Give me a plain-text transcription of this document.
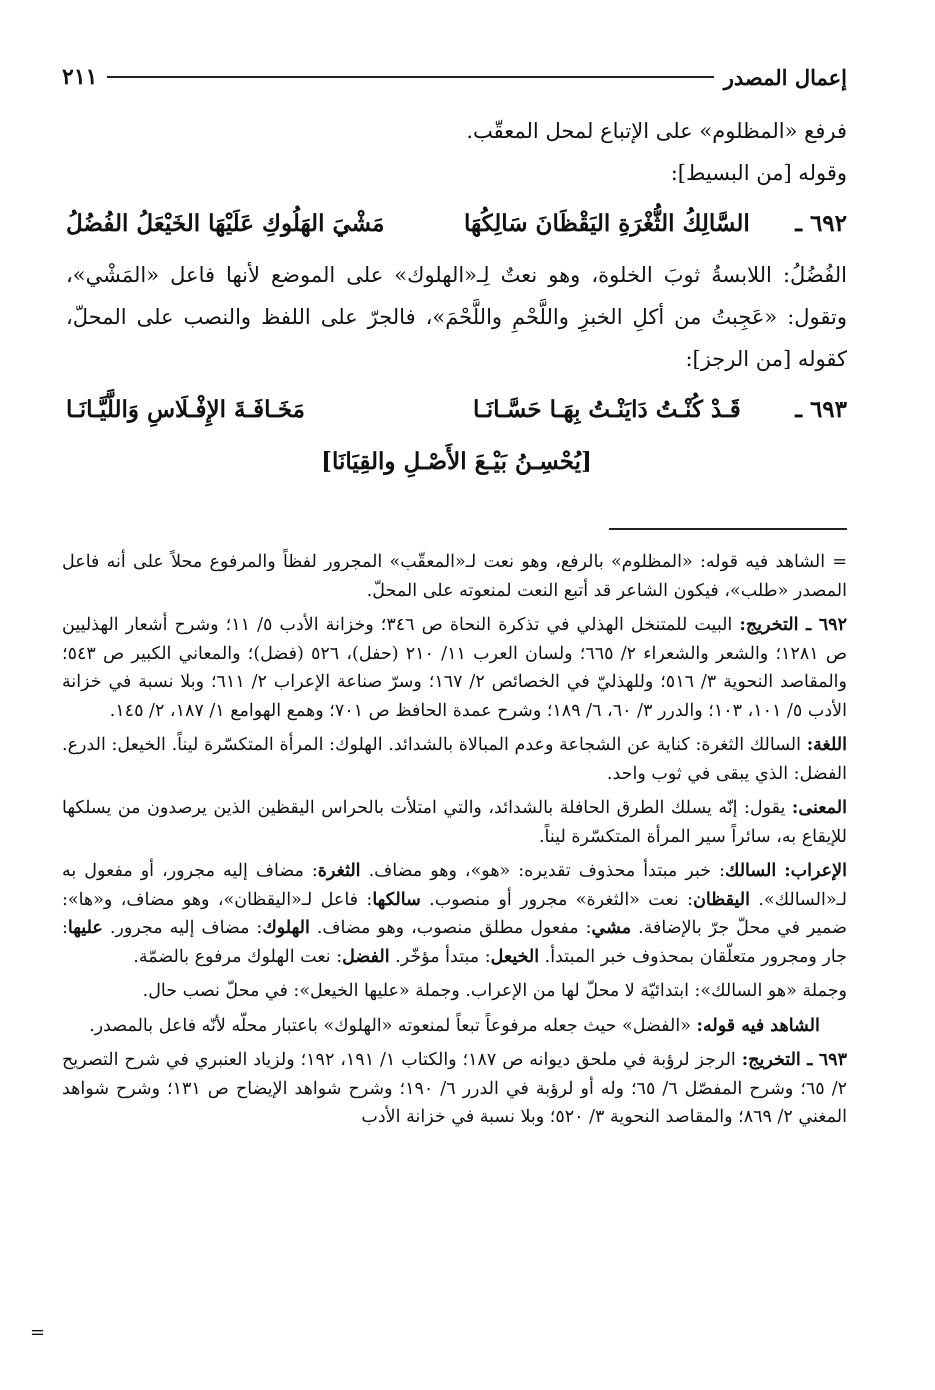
إعمال المصدر
٢١١

فرفع «المظلوم» على الإتباع لمحل المعقّب.

وقوله [من البسيط]:

٦٩٢ ـ
السَّالِكُ الثُّغْرَةِ اليَقْظَانَ سَالِكُهَا
مَشْيَ الهَلُوكِ عَلَيْهَا الخَيْعَلُ الفُضُلُ

الفُضُلُ: اللابسةُ ثوبَ الخلوة، وهو نعتٌ لِـ«الهلوك» على الموضع لأنها فاعل «المَشْي»، وتقول: «عَجِبتُ من أكلِ الخبزِ واللَّحْمِ واللَّحْمَ»، فالجرّ على اللفظ والنصب على المحلّ، كقوله [من الرجز]:

٦٩٣ ـ
قَـدْ كُنْـتُ دَايَنْـتُ بِهَـا حَسَّـانَـا
مَخَـافَـةَ الإِفْـلَاسِ وَاللَّيَّـانَـا

[يُحْسِـنُ بَيْـعَ الأَصْـلِ والقِيَانَا]

= الشاهد فيه قوله: «المظلوم» بالرفع، وهو نعت لـ«المعقّب» المجرور لفظاً والمرفوع محلاً على أنه فاعل المصدر «طلب»، فيكون الشاعر قد أتبع النعت لمنعوته على المحلّ.

٦٩٢ ـ التخريج: البيت للمتنخل الهذلي في تذكرة النحاة ص ٣٤٦؛ وخزانة الأدب ٥/ ١١؛ وشرح أشعار الهذليين ص ١٢٨١؛ والشعر والشعراء ٢/ ٦٦٥؛ ولسان العرب ١١/ ٢١٠ (حفل)، ٥٢٦ (فضل)؛ والمعاني الكبير ص ٥٤٣؛ والمقاصد النحوية ٣/ ٥١٦؛ وللهذليّ في الخصائص ٢/ ١٦٧؛ وسرّ صناعة الإعراب ٢/ ٦١١؛ وبلا نسبة في خزانة الأدب ٥/ ١٠١، ١٠٣؛ والدرر ٣/ ٦٠، ٦/ ١٨٩؛ وشرح عمدة الحافظ ص ٧٠١؛ وهمع الهوامع ١/ ١٨٧، ٢/ ١٤٥.

اللغة: السالك الثغرة: كناية عن الشجاعة وعدم المبالاة بالشدائد. الهلوك: المرأة المتكسّرة ليناً. الخيعل: الدرع. الفضل: الذي يبقى في ثوب واحد.

المعنى: يقول: إنّه يسلك الطرق الحافلة بالشدائد، والتي امتلأت بالحراس اليقظين الذين يرصدون من يسلكها للإيقاع به، سائراً سير المرأة المتكسّرة ليناً.

الإعراب: السالك: خبر مبتدأ محذوف تقديره: «هو»، وهو مضاف. الثغرة: مضاف إليه مجرور، أو مفعول به لـ«السالك». اليقظان: نعت «الثغرة» مجرور أو منصوب. سالكها: فاعل لـ«اليقظان»، وهو مضاف، و«ها»: ضمير في محلّ جرّ بالإضافة. مشي: مفعول مطلق منصوب، وهو مضاف. الهلوك: مضاف إليه مجرور. عليها: جار ومجرور متعلّقان بمحذوف خبر المبتدأ. الخيعل: مبتدأ مؤخّر. الفضل: نعت الهلوك مرفوع بالضمّة.

وجملة «هو السالك»: ابتدائيّة لا محلّ لها من الإعراب. وجملة «عليها الخيعل»: في محلّ نصب حال.

الشاهد فيه قوله: «الفضل» حيث جعله مرفوعاً تبعاً لمنعوته «الهلوك» باعتبار محلّه لأنّه فاعل بالمصدر.

٦٩٣ ـ التخريج: الرجز لرؤبة في ملحق ديوانه ص ١٨٧؛ والكتاب ١/ ١٩١، ١٩٢؛ ولزياد العنبري في شرح التصريح ٢/ ٦٥؛ وشرح المفصّل ٦/ ٦٥؛ وله أو لرؤبة في الدرر ٦/ ١٩٠؛ وشرح شواهد الإيضاح ص ١٣١؛ وشرح شواهد المغني ٢/ ٨٦٩؛ والمقاصد النحوية ٣/ ٥٢٠؛ وبلا نسبة في خزانة الأدب

=
